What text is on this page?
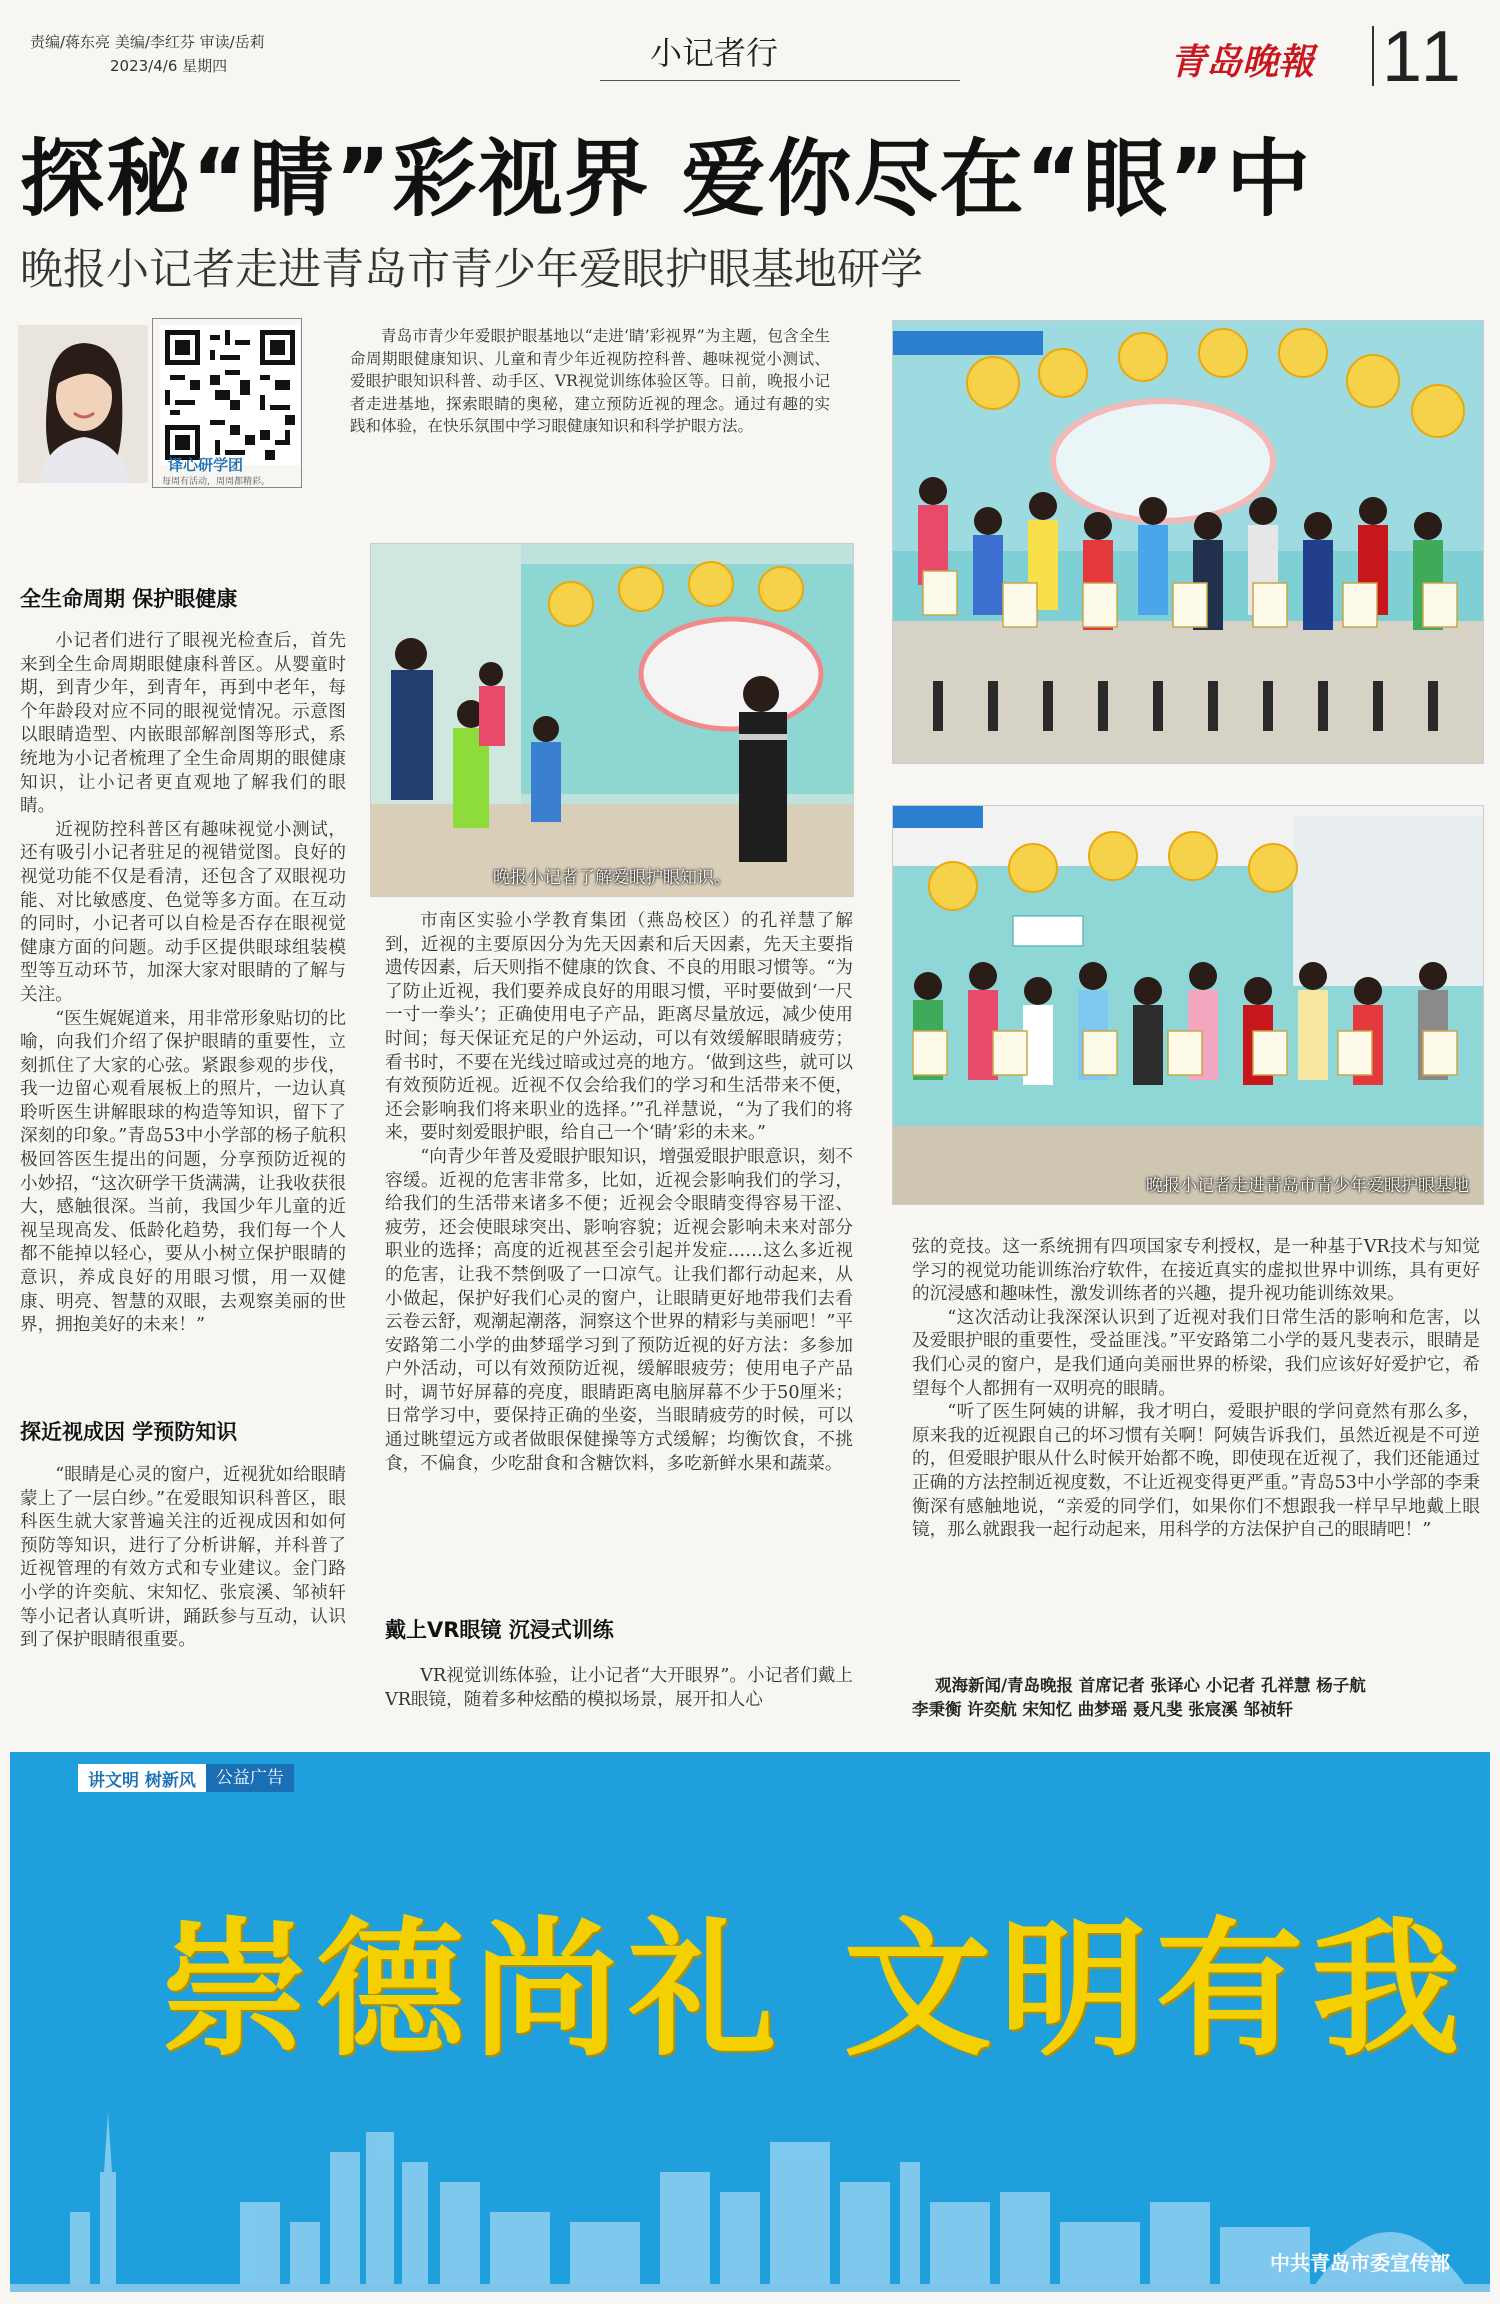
责编/蒋东亮 美编/李红芬 审读/岳莉
2023/4/6 星期四	小记者行	青岛晚報 11
探秘“睛”彩视界 爱你尽在“眼”中
晚报小记者走进青岛市青少年爱眼护眼基地研学
译心研学团
每周有活动，周周都精彩。

青岛市青少年爱眼护眼基地以“走进‘睛’彩视界”为主题，包含全生命周期眼健康知识、儿童和青少年近视防控科普、趣味视觉小测试、爱眼护眼知识科普、动手区、VR视觉训练体验区等。日前，晚报小记者走进基地，探索眼睛的奥秘，建立预防近视的理念。通过有趣的实践和体验，在快乐氛围中学习眼健康知识和科学护眼方法。

全生命周期 保护眼健康

小记者们进行了眼视光检查后，首先来到全生命周期眼健康科普区。从婴童时期，到青少年，到青年，再到中老年，每个年龄段对应不同的眼视觉情况。示意图以眼睛造型、内嵌眼部解剖图等形式，系统地为小记者梳理了全生命周期的眼健康知识，让小记者更直观地了解我们的眼睛。

近视防控科普区有趣味视觉小测试，还有吸引小记者驻足的视错觉图。良好的视觉功能不仅是看清，还包含了双眼视功能、对比敏感度、色觉等多方面。在互动的同时，小记者可以自检是否存在眼视觉健康方面的问题。动手区提供眼球组装模型等互动环节，加深大家对眼睛的了解与关注。

“医生娓娓道来，用非常形象贴切的比喻，向我们介绍了保护眼睛的重要性，立刻抓住了大家的心弦。紧跟参观的步伐，我一边留心观看展板上的照片，一边认真聆听医生讲解眼球的构造等知识，留下了深刻的印象。”青岛53中小学部的杨子航积极回答医生提出的问题，分享预防近视的小妙招，“这次研学干货满满，让我收获很大，感触很深。当前，我国少年儿童的近视呈现高发、低龄化趋势，我们每一个人都不能掉以轻心，要从小树立保护眼睛的意识，养成良好的用眼习惯，用一双健康、明亮、智慧的双眼，去观察美丽的世界，拥抱美好的未来！”

晚报小记者了解爱眼护眼知识。
晚报小记者走进青岛市青少年爱眼护眼基地

市南区实验小学教育集团（燕岛校区）的孔祥慧了解到，近视的主要原因分为先天因素和后天因素，先天主要指遗传因素，后天则指不健康的饮食、不良的用眼习惯等。“为了防止近视，我们要养成良好的用眼习惯，平时要做到‘一尺一寸一拳头’；正确使用电子产品，距离尽量放远，减少使用时间；每天保证充足的户外运动，可以有效缓解眼睛疲劳；看书时，不要在光线过暗或过亮的地方。‘做到这些，就可以有效预防近视。近视不仅会给我们的学习和生活带来不便，还会影响我们将来职业的选择。’”孔祥慧说，“为了我们的将来，要时刻爱眼护眼，给自己一个‘睛’彩的未来。”

“向青少年普及爱眼护眼知识，增强爱眼护眼意识，刻不容缓。近视的危害非常多，比如，近视会影响我们的学习，给我们的生活带来诸多不便；近视会令眼睛变得容易干涩、疲劳，还会使眼球突出、影响容貌；近视会影响未来对部分职业的选择；高度的近视甚至会引起并发症……这么多近视的危害，让我不禁倒吸了一口凉气。让我们都行动起来，从小做起，保护好我们心灵的窗户，让眼睛更好地带我们去看云卷云舒，观潮起潮落，洞察这个世界的精彩与美丽吧！”平安路第二小学的曲梦瑶学习到了预防近视的好方法：多参加户外活动，可以有效预防近视，缓解眼疲劳；使用电子产品时，调节好屏幕的亮度，眼睛距离电脑屏幕不少于50厘米；日常学习中，要保持正确的坐姿，当眼睛疲劳的时候，可以通过眺望远方或者做眼保健操等方式缓解；均衡饮食，不挑食，不偏食，少吃甜食和含糖饮料，多吃新鲜水果和蔬菜。

探近视成因 学预防知识

“眼睛是心灵的窗户，近视犹如给眼睛蒙上了一层白纱。”在爱眼知识科普区，眼科医生就大家普遍关注的近视成因和如何预防等知识，进行了分析讲解，并科普了近视管理的有效方式和专业建议。金门路小学的许奕航、宋知忆、张宸溪、邹祯轩等小记者认真听讲，踊跃参与互动，认识到了保护眼睛很重要。	戴上VR眼镜 沉浸式训练

VR视觉训练体验，让小记者“大开眼界”。小记者们戴上VR眼镜，随着多种炫酷的模拟场景，展开扣人心

弦的竞技。这一系统拥有四项国家专利授权，是一种基于VR技术与知觉学习的视觉功能训练治疗软件，在接近真实的虚拟世界中训练，具有更好的沉浸感和趣味性，激发训练者的兴趣，提升视功能训练效果。

“这次活动让我深深认识到了近视对我们日常生活的影响和危害，以及爱眼护眼的重要性，受益匪浅。”平安路第二小学的聂凡斐表示，眼睛是我们心灵的窗户，是我们通向美丽世界的桥梁，我们应该好好爱护它，希望每个人都拥有一双明亮的眼睛。

“听了医生阿姨的讲解，我才明白，爱眼护眼的学问竟然有那么多，原来我的近视跟自己的坏习惯有关啊！阿姨告诉我们，虽然近视是不可逆的，但爱眼护眼从什么时候开始都不晚，即使现在近视了，我们还能通过正确的方法控制近视度数，不让近视变得更严重。”青岛53中小学部的李秉衡深有感触地说，“亲爱的同学们，如果你们不想跟我一样早早地戴上眼镜，那么就跟我一起行动起来，用科学的方法保护自己的眼睛吧！”

观海新闻/青岛晚报 首席记者 张译心 小记者 孔祥慧 杨子航
李秉衡 许奕航 宋知忆 曲梦瑶 聂凡斐 张宸溪 邹祯轩
讲文明 树新风	公益广告
崇德尚礼 文明有我
中共青岛市委宣传部
